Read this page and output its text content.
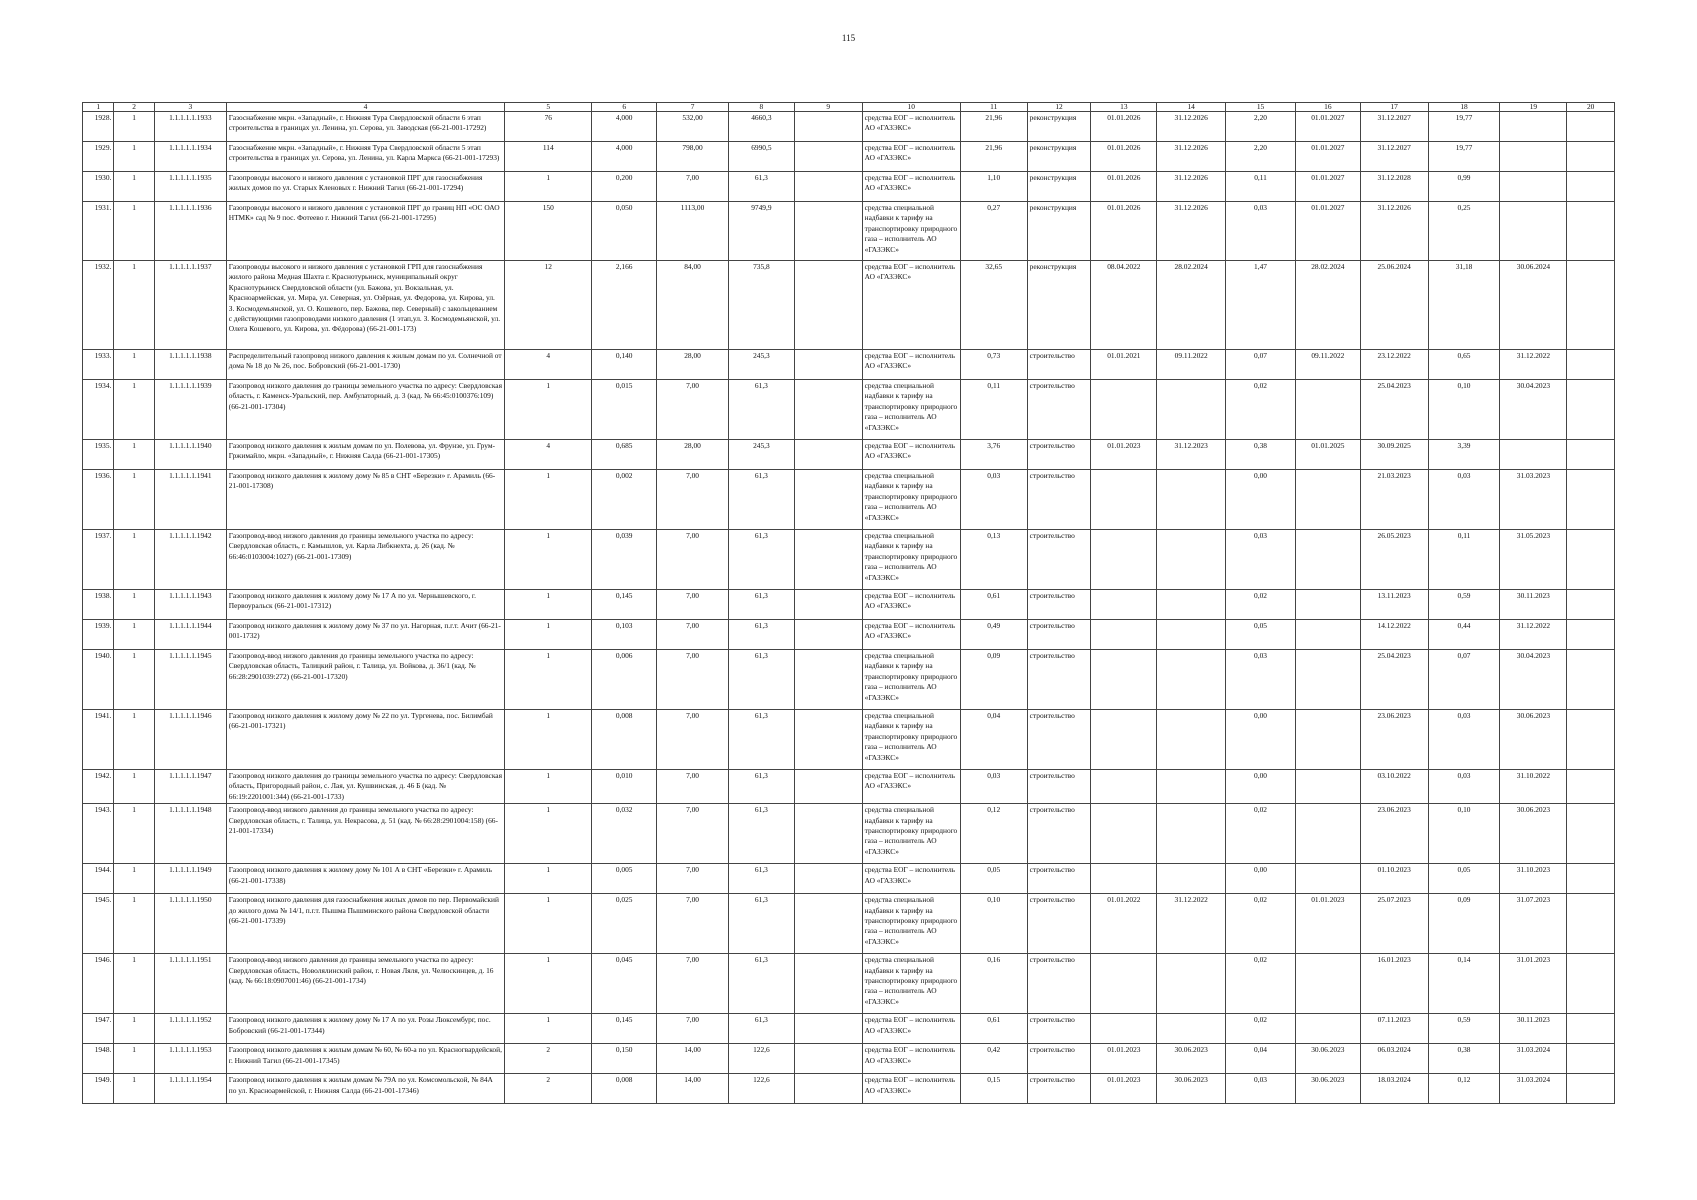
115
1	2	3	4	5	6	7	8	9	10	11	12	13	14	15	16	17	18	19	20
1928.	1	1.1.1.1.1.1933	Газоснабжение мкрн. «Западный», г. Нижняя Тура Свердловской области 6 этап строительства в границах ул. Ленина, ул. Серова, ул. Заводская (66-21-001-17292)	76	4,000	532,00	4660,3		средства ЕОГ – исполнитель АО «ГАЗЭКС»	21,96	реконструкция	01.01.2026	31.12.2026	2,20	01.01.2027	31.12.2027	19,77		
1929.	1	1.1.1.1.1.1934	Газоснабжение мкрн. «Западный», г. Нижняя Тура Свердловской области 5 этап строительства в границах ул. Серова, ул. Ленина, ул. Карла Маркса (66-21-001-17293)	114	4,000	798,00	6990,5		средства ЕОГ – исполнитель АО «ГАЗЭКС»	21,96	реконструкция	01.01.2026	31.12.2026	2,20	01.01.2027	31.12.2027	19,77		
1930.	1	1.1.1.1.1.1935	Газопроводы высокого и низкого давления с установкой ПРГ для газоснабжения жилых домов по ул. Старых Кленовых г. Нижний Тагил (66-21-001-17294)	1	0,200	7,00	61,3		средства ЕОГ – исполнитель АО «ГАЗЭКС»	1,10	реконструкция	01.01.2026	31.12.2026	0,11	01.01.2027	31.12.2028	0,99		
1931.	1	1.1.1.1.1.1936	Газопроводы высокого и низкого давления с установкой ПРГ до границ НП «ОС ОАО НТМК» сад № 9 пос. Фотеево г. Нижний Тагил (66-21-001-17295)	150	0,050	1113,00	9749,9		средства специальной надбавки к тарифу на транспортировку природного газа – исполнитель АО «ГАЗЭКС»	0,27	реконструкция	01.01.2026	31.12.2026	0,03	01.01.2027	31.12.2026	0,25		
1932.	1	1.1.1.1.1.1937	Газопроводы высокого и низкого давления с установкой ГРП для газоснабжения жилого района Медная Шахта г. Краснотурьинск, муниципальный округ Краснотурьинск Свердловской области (ул. Бажова, ул. Вокзальная, ул. Красноармейская, ул. Мира, ул. Северная, ул. Озёрная, ул. Федорова, ул. Кирова, ул. З. Космодемьянской, ул. О. Кошевого, пер. Бажова, пер. Северный) с закольцеванием с действующими газопроводами низкого давления (1 этап,ул. З. Космодемьянской, ул. Олега Кошевого, ул. Кирова, ул. Фёдорова) (66-21-001-173)	12	2,166	84,00	735,8		средства ЕОГ – исполнитель АО «ГАЗЭКС»	32,65	реконструкция	08.04.2022	28.02.2024	1,47	28.02.2024	25.06.2024	31,18	30.06.2024	
1933.	1	1.1.1.1.1.1938	Распределительный газопровод низкого давления к жилым домам по ул. Солнечной от дома № 18 до № 26, пос. Бобровский (66-21-001-1730)	4	0,140	28,00	245,3		средства ЕОГ – исполнитель АО «ГАЗЭКС»	0,73	строительство	01.01.2021	09.11.2022	0,07	09.11.2022	23.12.2022	0,65	31.12.2022	
1934.	1	1.1.1.1.1.1939	Газопровод низкого давления до границы земельного участка по адресу: Свердловская область, г. Каменск-Уральский, пер. Амбулаторный, д. 3 (кад. № 66:45:0100376:109) (66-21-001-17304)	1	0,015	7,00	61,3		средства специальной надбавки к тарифу на транспортировку природного газа – исполнитель АО «ГАЗЭКС»	0,11	строительство			0,02		25.04.2023	0,10	30.04.2023	
1935.	1	1.1.1.1.1.1940	Газопровод низкого давления к жилым домам по ул. Полевова, ул. Фрунзе, ул. Грум-Гржимайло, мкрн. «Западный», г. Нижняя Салда (66-21-001-17305)	4	0,685	28,00	245,3		средства ЕОГ – исполнитель АО «ГАЗЭКС»	3,76	строительство	01.01.2023	31.12.2023	0,38	01.01.2025	30.09.2025	3,39		
1936.	1	1.1.1.1.1.1941	Газопровод низкого давления к жилому дому № 85 в СНТ «Березки» г. Арамиль (66-21-001-17308)	1	0,002	7,00	61,3		средства специальной надбавки к тарифу на транспортировку природного газа – исполнитель АО «ГАЗЭКС»	0,03	строительство			0,00		21.03.2023	0,03	31.03.2023	
1937.	1	1.1.1.1.1.1942	Газопровод-ввод низкого давления до границы земельного участка по адресу: Свердловская область, г. Камышлов, ул. Карла Либкнехта, д. 26 (кад. № 66:46:0103004:1027) (66-21-001-17309)	1	0,039	7,00	61,3		средства специальной надбавки к тарифу на транспортировку природного газа – исполнитель АО «ГАЗЭКС»	0,13	строительство			0,03		26.05.2023	0,11	31.05.2023	
1938.	1	1.1.1.1.1.1943	Газопровод низкого давления к жилому дому № 17 А по ул. Чернышевского, г. Первоуральск (66-21-001-17312)	1	0,145	7,00	61,3		средства ЕОГ – исполнитель АО «ГАЗЭКС»	0,61	строительство			0,02		13.11.2023	0,59	30.11.2023	
1939.	1	1.1.1.1.1.1944	Газопровод низкого давления к жилому дому № 37 по ул. Нагорная, п.г.т. Ачит (66-21-001-1732)	1	0,103	7,00	61,3		средства ЕОГ – исполнитель АО «ГАЗЭКС»	0,49	строительство			0,05		14.12.2022	0,44	31.12.2022	
1940.	1	1.1.1.1.1.1945	Газопровод-ввод низкого давления до границы земельного участка по адресу: Свердловская область, Талицкий район, г. Талица, ул. Войкова, д. 36/1 (кад. № 66:28:2901039:272) (66-21-001-17320)	1	0,006	7,00	61,3		средства специальной надбавки к тарифу на транспортировку природного газа – исполнитель АО «ГАЗЭКС»	0,09	строительство			0,03		25.04.2023	0,07	30.04.2023	
1941.	1	1.1.1.1.1.1946	Газопровод низкого давления к жилому дому № 22 по ул. Тургенева, пос. Билимбай (66-21-001-17321)	1	0,008	7,00	61,3		средства специальной надбавки к тарифу на транспортировку природного газа – исполнитель АО «ГАЗЭКС»	0,04	строительство			0,00		23.06.2023	0,03	30.06.2023	
1942.	1	1.1.1.1.1.1947	Газопровод низкого давления до границы земельного участка по адресу: Свердловская область, Пригородный район, с. Лая, ул. Кушвинская, д. 46 Б (кад. № 66:19:2201001:344) (66-21-001-1733)	1	0,010	7,00	61,3		средства ЕОГ – исполнитель АО «ГАЗЭКС»	0,03	строительство			0,00		03.10.2022	0,03	31.10.2022	
1943.	1	1.1.1.1.1.1948	Газопровод-ввод низкого давления до границы земельного участка по адресу: Свердловская область, г. Талица, ул. Некрасова, д. 51 (кад. № 66:28:2901004:158) (66-21-001-17334)	1	0,032	7,00	61,3		средства специальной надбавки к тарифу на транспортировку природного газа – исполнитель АО «ГАЗЭКС»	0,12	строительство			0,02		23.06.2023	0,10	30.06.2023	
1944.	1	1.1.1.1.1.1949	Газопровод низкого давления к жилому дому № 101 А в СНТ «Березки» г. Арамиль (66-21-001-17338)	1	0,005	7,00	61,3		средства ЕОГ – исполнитель АО «ГАЗЭКС»	0,05	строительство			0,00		01.10.2023	0,05	31.10.2023	
1945.	1	1.1.1.1.1.1950	Газопровод низкого давления для газоснабжения жилых домов по пер. Первомайский до жилого дома № 14/1, п.г.т. Пышма Пышминского района Свердловской области (66-21-001-17339)	1	0,025	7,00	61,3		средства специальной надбавки к тарифу на транспортировку природного газа – исполнитель АО «ГАЗЭКС»	0,10	строительство	01.01.2022	31.12.2022	0,02	01.01.2023	25.07.2023	0,09	31.07.2023	
1946.	1	1.1.1.1.1.1951	Газопровод-ввод низкого давления до границы земельного участка по адресу: Свердловская область, Новолялинский район, г. Новая Ляля, ул. Челюскинцев, д. 16 (кад. № 66:18:0907001:46) (66-21-001-1734)	1	0,045	7,00	61,3		средства специальной надбавки к тарифу на транспортировку природного газа – исполнитель АО «ГАЗЭКС»	0,16	строительство			0,02		16.01.2023	0,14	31.01.2023	
1947.	1	1.1.1.1.1.1952	Газопровод низкого давления к жилому дому № 17 А по ул. Розы Люксембург, пос. Бобровский (66-21-001-17344)	1	0,145	7,00	61,3		средства ЕОГ – исполнитель АО «ГАЗЭКС»	0,61	строительство			0,02		07.11.2023	0,59	30.11.2023	
1948.	1	1.1.1.1.1.1953	Газопровод низкого давления к жилым домам № 60, № 60-а по ул. Красногвардейской, г. Нижний Тагил (66-21-001-17345)	2	0,150	14,00	122,6		средства ЕОГ – исполнитель АО «ГАЗЭКС»	0,42	строительство	01.01.2023	30.06.2023	0,04	30.06.2023	06.03.2024	0,38	31.03.2024	
1949.	1	1.1.1.1.1.1954	Газопровод низкого давления к жилым домам № 79А по ул. Комсомольской, № 84А по ул. Красноармейской, г. Нижняя Салда (66-21-001-17346)	2	0,008	14,00	122,6		средства ЕОГ – исполнитель АО «ГАЗЭКС»	0,15	строительство	01.01.2023	30.06.2023	0,03	30.06.2023	18.03.2024	0,12	31.03.2024	
